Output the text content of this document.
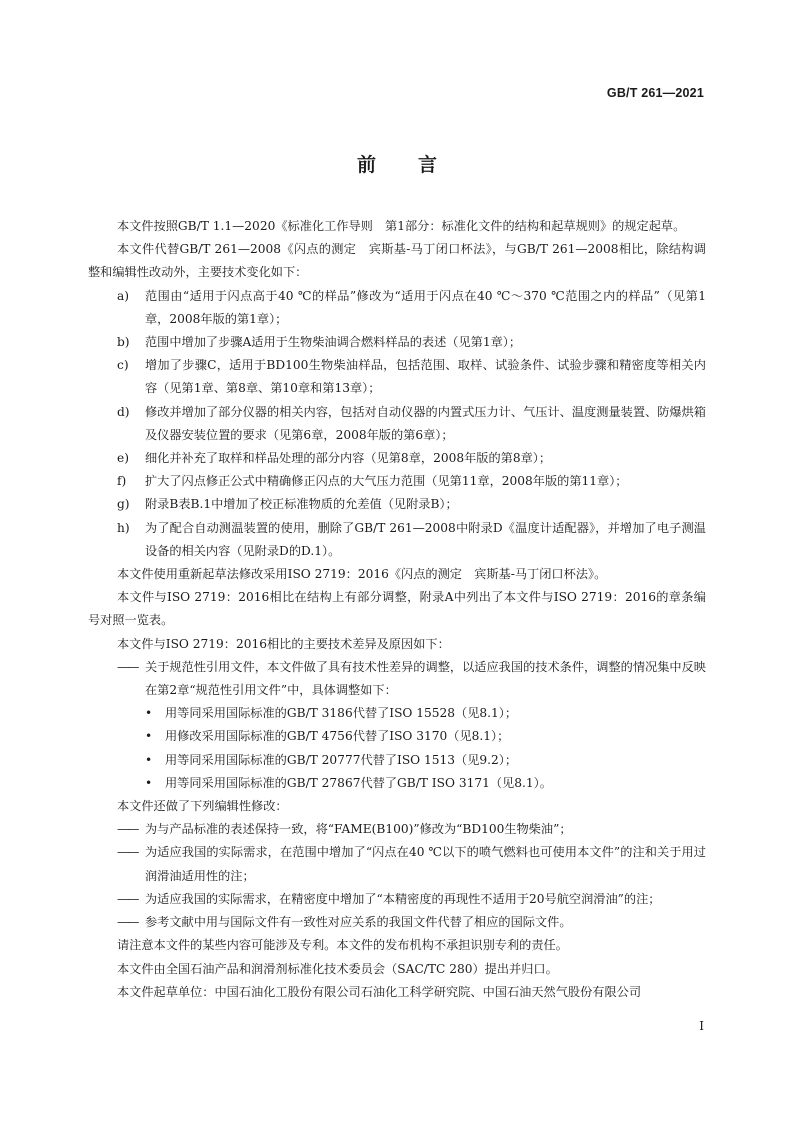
GB/T 261—2021
前 言

本文件按照GB/T 1.1—2020《标准化工作导则　第1部分：标准化文件的结构和起草规则》的规定起草。

本文件代替GB/T 261—2008《闪点的测定　宾斯基-马丁闭口杯法》，与GB/T 261—2008相比，除结构调整和编辑性改动外，主要技术变化如下：

a) 范围由“适用于闪点高于40 ℃的样品”修改为“适用于闪点在40 ℃～370 ℃范围之内的样品”（见第1章，2008年版的第1章）；

b) 范围中增加了步骤A适用于生物柴油调合燃料样品的表述（见第1章）；

c) 增加了步骤C，适用于BD100生物柴油样品，包括范围、取样、试验条件、试验步骤和精密度等相关内容（见第1章、第8章、第10章和第13章）；

d) 修改并增加了部分仪器的相关内容，包括对自动仪器的内置式压力计、气压计、温度测量装置、防爆烘箱及仪器安装位置的要求（见第6章，2008年版的第6章）；

e) 细化并补充了取样和样品处理的部分内容（见第8章，2008年版的第8章）；

f) 扩大了闪点修正公式中精确修正闪点的大气压力范围（见第11章，2008年版的第11章）；

g) 附录B表B.1中增加了校正标准物质的允差值（见附录B）；

h) 为了配合自动测温装置的使用，删除了GB/T 261—2008中附录D《温度计适配器》，并增加了电子测温设备的相关内容（见附录D的D.1）。

本文件使用重新起草法修改采用ISO 2719：2016《闪点的测定　宾斯基-马丁闭口杯法》。

本文件与ISO 2719：2016相比在结构上有部分调整，附录A中列出了本文件与ISO 2719：2016的章条编号对照一览表。

本文件与ISO 2719：2016相比的主要技术差异及原因如下：

—— 关于规范性引用文件，本文件做了具有技术性差异的调整，以适应我国的技术条件，调整的情况集中反映在第2章“规范性引用文件”中，具体调整如下：

• 用等同采用国际标准的GB/T 3186代替了ISO 15528（见8.1）；

• 用修改采用国际标准的GB/T 4756代替了ISO 3170（见8.1）；

• 用等同采用国际标准的GB/T 20777代替了ISO 1513（见9.2）；

• 用等同采用国际标准的GB/T 27867代替了GB/T ISO 3171（见8.1）。

本文件还做了下列编辑性修改：

—— 为与产品标准的表述保持一致，将“FAME(B100)”修改为“BD100生物柴油”；

—— 为适应我国的实际需求，在范围中增加了“闪点在40 ℃以下的喷气燃料也可使用本文件”的注和关于用过润滑油适用性的注；

—— 为适应我国的实际需求，在精密度中增加了“本精密度的再现性不适用于20号航空润滑油”的注；

—— 参考文献中用与国际文件有一致性对应关系的我国文件代替了相应的国际文件。

请注意本文件的某些内容可能涉及专利。本文件的发布机构不承担识别专利的责任。

本文件由全国石油产品和润滑剂标准化技术委员会（SAC/TC 280）提出并归口。

本文件起草单位：中国石油化工股份有限公司石油化工科学研究院、中国石油天然气股份有限公司

I
